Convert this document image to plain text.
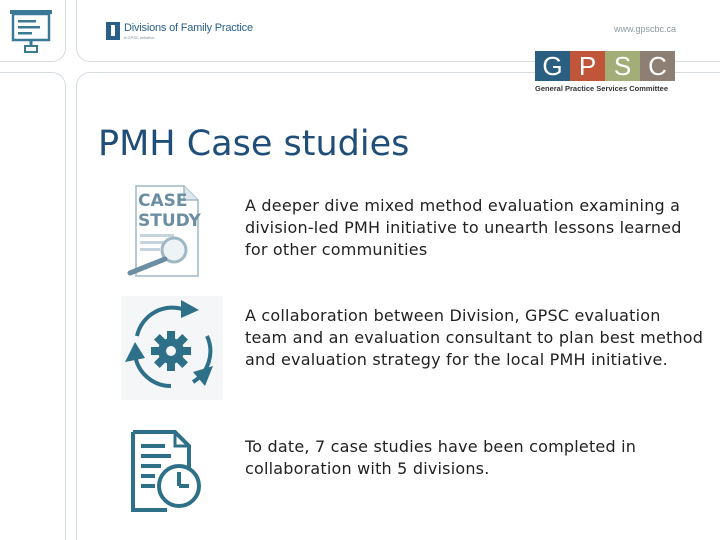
Divisions of Family Practice
A GPSC initiative
www.gpscbc.ca
G P S C
General Practice Services Committee
PMH Case studies
CASE
STUDY
A deeper dive mixed method evaluation examining a division-led PMH initiative to unearth lessons learned for other communities
A collaboration between Division, GPSC evaluation team and an evaluation consultant to plan best method and evaluation strategy for the local PMH initiative.
To date, 7 case studies have been completed in collaboration with 5 divisions.
